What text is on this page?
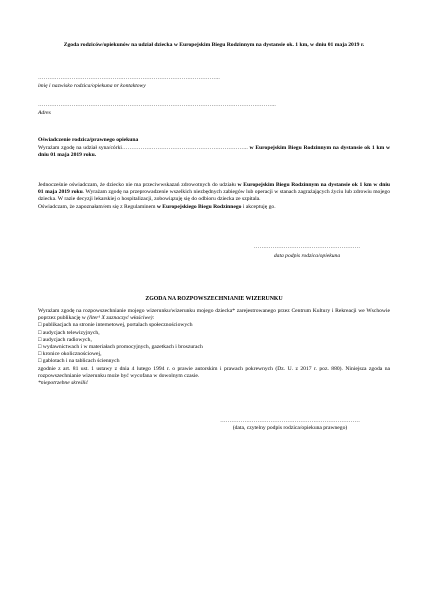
Zgoda rodziców/opiekunów na udział dziecka w Europejskim Biegu Rodzinnym na dystansie ok. 1 km, w dniu 01 maja 2019 r.
……………………………………………………………………………………..
imię i nazwisko rodzica/opiekuna nr kontaktowy
………………………………………………………………………………………………………………..
Adres
Oświadczenie rodzica/prawnego opiekuna
Wyrażam zgodę na udział syna/córki………………………………………………………….. w Europejskim Biegu Rodzinnym na dystansie ok 1 km w dniu 01 maja 2019 roku.
Jednocześnie oświadczam, że dziecko nie ma przeciwwskazań zdrowotnych do udziału w Europejskim Biegu Rodzinnym na dystansie ok 1 km w dniu 01 maja 2019 roku. Wyrażam zgodę na przeprowadzenie wszelkich niezbędnych zabiegów lub operacji w stanach zagrażających życiu lub zdrowiu mojego dziecka. W razie decyzji lekarskiej o hospitalizacji, zobowiązuję się do odbioru dziecka ze szpitala.
Oświadczam, że zapoznałam/em się z Regulaminem w Europejskiego Biegu Rodzinnego i akceptuję go.
…………………………………………………
data podpis rodzica/opiekuna
ZGODA NA ROZPOWSZECHNIANIE WIZERUNKU
Wyrażam zgodę na rozpowszechnianie mojego wizerunku/wizerunku mojego dziecka* zarejestrowanego przez Centrum Kultury i Rekreacji we Wschowie poprzez publikację w (liter¹ X zaznaczyć właściwe):
□ publikacjach na stronie internetowej, portalach społecznościowych
□ audycjach telewizyjnych,
□ audycjach radiowych,
□ wydawnictwach i w materiałach promocyjnych, gazetkach i broszurach
□ kronice okolicznościowej,
□ gablotach i na tablicach ściennych
zgodnie z art. 81 ust. 1 ustawy z dnia 4 lutego 1994 r. o prawie autorskim i prawach pokrewnych (Dz. U. z 2017 r. poz. 880). Niniejsza zgoda na rozpowszechnianie wizerunku może być wycofana w dowolnym czasie.
*niepotrzebne skreślić
…………………………………………………………………
(data, czytelny podpis rodzica/opiekuna prawnego)
